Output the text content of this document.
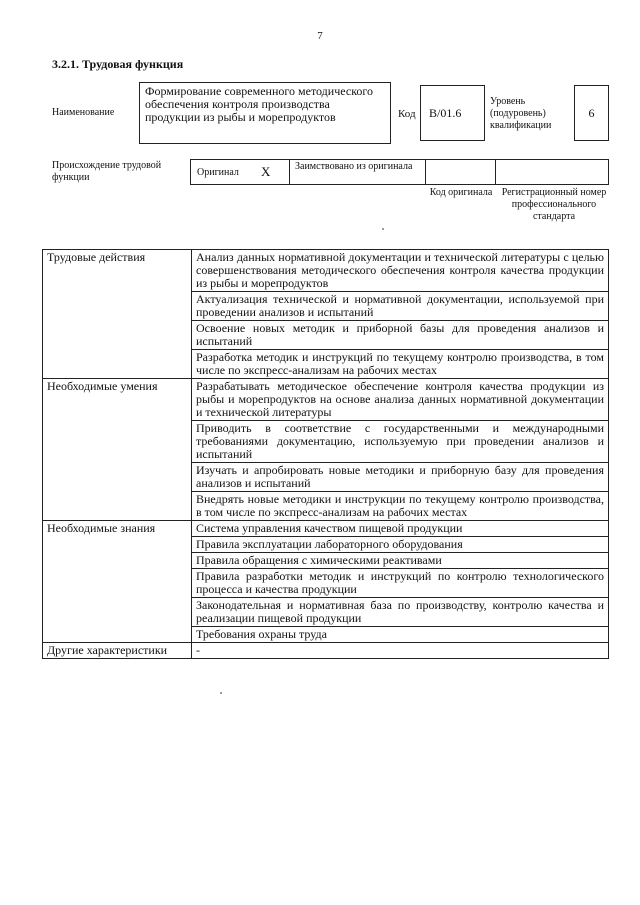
7
3.2.1. Трудовая функция
Наименование
Формирование современного методического обеспечения контроля производства продукции из рыбы и морепродуктов	Код В/01.6
Уровень (подуровень) квалификации
6
Происхождение трудовой функции	Оригинал X Заимствовано из оригинала
Код оригинала Регистрационный номер профессионального стандарта
Трудовые действия	Анализ данных нормативной документации и технической литературы с целью совершенствования методического обеспечения контроля качества продукции из рыбы и морепродуктов
	Актуализация технической и нормативной документации, используемой при проведении анализов и испытаний
	Освоение новых методик и приборной базы для проведения анализов и испытаний
	Разработка методик и инструкций по текущему контролю производства, в том числе по экспресс-анализам на рабочих местах
Необходимые умения	Разрабатывать методическое обеспечение контроля качества продукции из рыбы и морепродуктов на основе анализа данных нормативной документации и технической литературы
	Приводить в соответствие с государственными и международными требованиями документацию, используемую при проведении анализов и испытаний
	Изучать и апробировать новые методики и приборную базу для проведения анализов и испытаний
	Внедрять новые методики и инструкции по текущему контролю производства, в том числе по экспресс-анализам на рабочих местах
Необходимые знания	Система управления качеством пищевой продукции
	Правила эксплуатации лабораторного оборудования
	Правила обращения с химическими реактивами
	Правила разработки методик и инструкций по контролю технологического процесса и качества продукции
	Законодательная и нормативная база по производству, контролю качества и реализации пищевой продукции
	Требования охраны труда
Другие характеристики	-
